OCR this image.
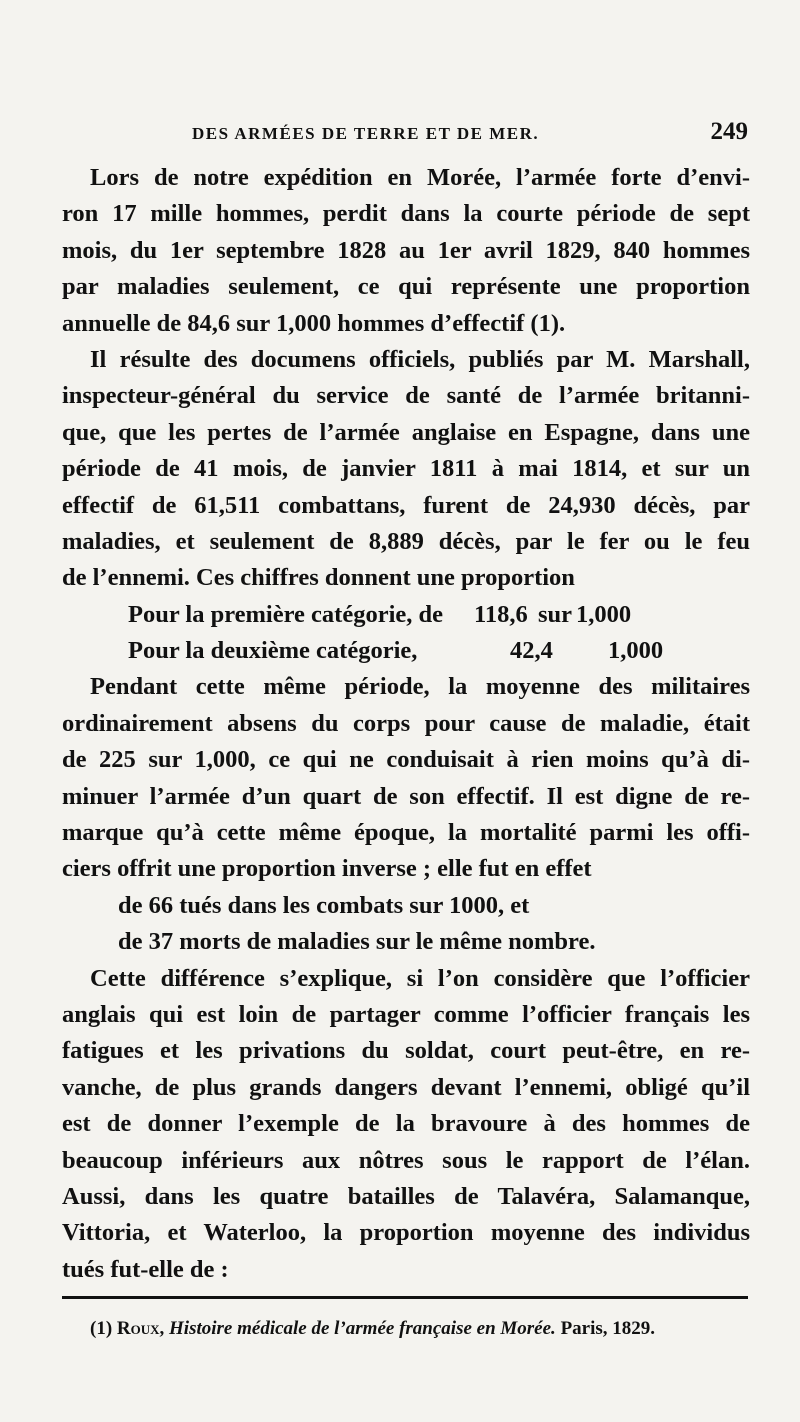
DES ARMÉES DE TERRE ET DE MER.	249
Lors de notre expédition en Morée, l’armée forte d’envi-
ron 17 mille hommes, perdit dans la courte période de sept
mois, du 1er septembre 1828 au 1er avril 1829, 840 hommes
par maladies seulement, ce qui représente une proportion
annuelle de 84,6 sur 1,000 hommes d’effectif (1).
Il résulte des documens officiels, publiés par M. Marshall,
inspecteur-général du service de santé de l’armée britanni-
que, que les pertes de l’armée anglaise en Espagne, dans une
période de 41 mois, de janvier 1811 à mai 1814, et sur un
effectif de 61,511 combattans, furent de 24,930 décès, par
maladies, et seulement de 8,889 décès, par le fer ou le feu
de l’ennemi. Ces chiffres donnent une proportion
Pour la première catégorie, de 118,6 sur 1,000
Pour la deuxième catégorie,	42,4 1,000
Pendant cette même période, la moyenne des militaires
ordinairement absens du corps pour cause de maladie, était
de 225 sur 1,000, ce qui ne conduisait à rien moins qu’à di-
minuer l’armée d’un quart de son effectif. Il est digne de re-
marque qu’à cette même époque, la mortalité parmi les offi-
ciers offrit une proportion inverse ; elle fut en effet
de 66 tués dans les combats sur 1000, et
de 37 morts de maladies sur le même nombre.
Cette différence s’explique, si l’on considère que l’officier
anglais qui est loin de partager comme l’officier français les
fatigues et les privations du soldat, court peut-être, en re-
vanche, de plus grands dangers devant l’ennemi, obligé qu’il
est de donner l’exemple de la bravoure à des hommes de
beaucoup inférieurs aux nôtres sous le rapport de l’élan.
Aussi, dans les quatre batailles de Talavéra, Salamanque,
Vittoria, et Waterloo, la proportion moyenne des individus
tués fut-elle de :
(1) Roux, Histoire médicale de l’armée française en Morée. Paris, 1829.
